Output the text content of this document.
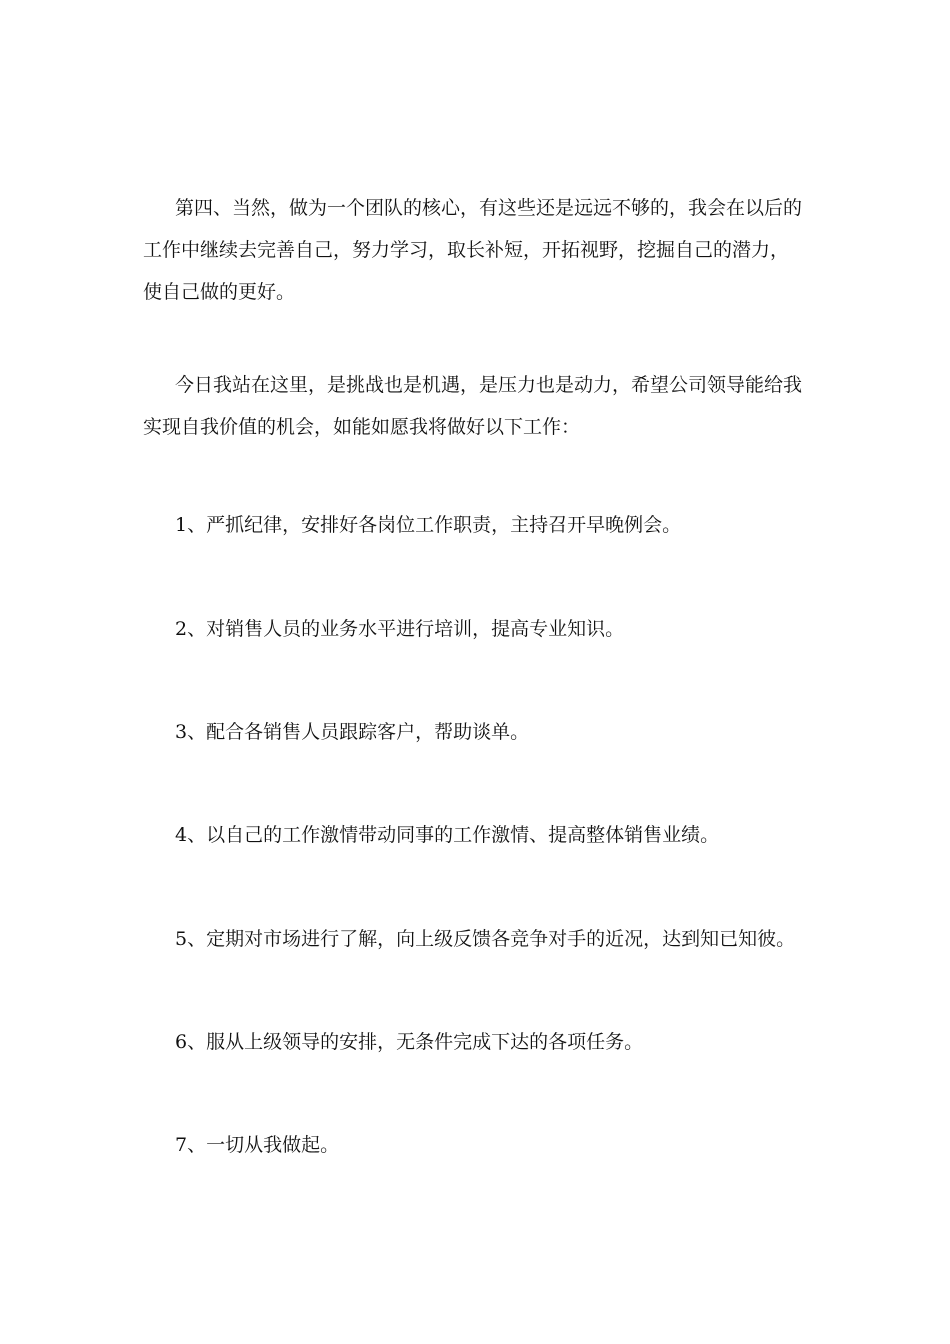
第四、当然，做为一个团队的核心，有这些还是远远不够的，我会在以后的
工作中继续去完善自己，努力学习，取长补短，开拓视野，挖掘自己的潜力，
使自己做的更好。

今日我站在这里，是挑战也是机遇，是压力也是动力，希望公司领导能给我
实现自我价值的机会，如能如愿我将做好以下工作：

1、严抓纪律，安排好各岗位工作职责，主持召开早晚例会。

2、对销售人员的业务水平进行培训，提高专业知识。

3、配合各销售人员跟踪客户，帮助谈单。

4、以自己的工作激情带动同事的工作激情、提高整体销售业绩。

5、定期对市场进行了解，向上级反馈各竞争对手的近况，达到知已知彼。

6、服从上级领导的安排，无条件完成下达的各项任务。

7、一切从我做起。
